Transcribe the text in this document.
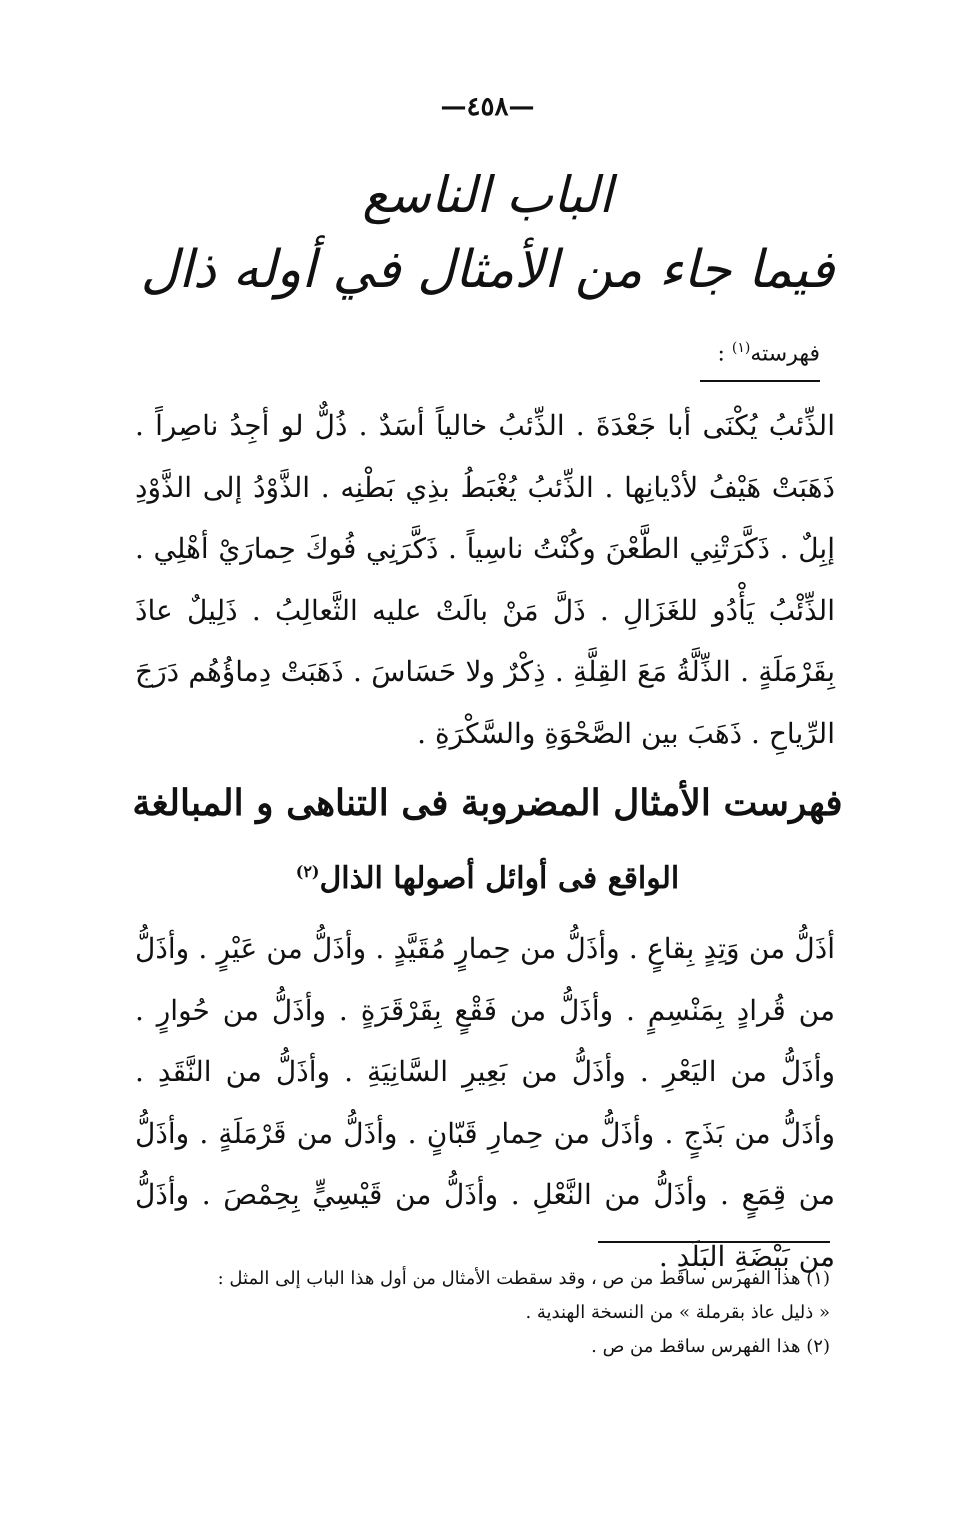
—٤٥٨—
الباب الناسع
فيما جاء من الأمثال في أوله ذال
فهرسته$^{(١)}$ :
الذِّئبُ يُكْنَى أبا جَعْدَةَ . الذِّئبُ خالياً أسَدٌ . ذُلٌّ لو أجِدُ ناصِراً . ذَهَبَتْ هَيْفُ لأدْيانِها . الذِّئبُ يُغْبَطُ بذِي بَطْنِه . الذَّوْدُ إلى الذَّوْدِ إبِلٌ . ذَكَّرَتْنِي الطَّعْنَ وكُنْتُ ناسِياً . ذَكَّرَنِي فُوكَ حِمارَيْ أهْلِي . الذِّئْبُ يَأْدُو للغَزَالِ . ذَلَّ مَنْ بالَتْ عليه الثَّعالِبُ . ذَلِيلٌ عاذَ بِقَرْمَلَةٍ . الذِّلَّةُ مَعَ القِلَّةِ . ذِكْرٌ ولا حَسَاسَ . ذَهَبَتْ دِماؤُهُم دَرَجَ الرِّياحِ . ذَهَبَ بين الصَّحْوَةِ والسَّكْرَةِ .
فهرست الأمثال المضروبة فى التناهى و المبالغة
الواقع فى أوائل أصولها الذال$^{(٢)}$
أذَلُّ من وَتِدٍ بِقاعٍ . وأذَلُّ من حِمارٍ مُقَيَّدٍ . وأذَلُّ من عَيْرٍ . وأذَلُّ من قُرادٍ بِمَنْسِمٍ . وأذَلُّ من فَقْعٍ بِقَرْقَرَةٍ . وأذَلُّ من حُوارٍ . وأذَلُّ من اليَعْرِ . وأذَلُّ من بَعِيرِ السَّانِيَةِ . وأذَلُّ من النَّقَدِ . وأذَلُّ من بَذَجٍ . وأذَلُّ من حِمارِ قَبّانٍ . وأذَلُّ من قَرْمَلَةٍ . وأذَلُّ من قِمَعٍ . وأذَلُّ من النَّعْلِ . وأذَلُّ من قَيْسِيٍّ بِحِمْصَ . وأذَلُّ من بَيْضَةِ البَلَدِ .
(١) هذا الفهرس ساقط من ص ، وقد سقطت الأمثال من أول هذا الباب إلى المثل :
« ذليل عاذ بقرملة » من النسخة الهندية .
(٢) هذا الفهرس ساقط من ص .
